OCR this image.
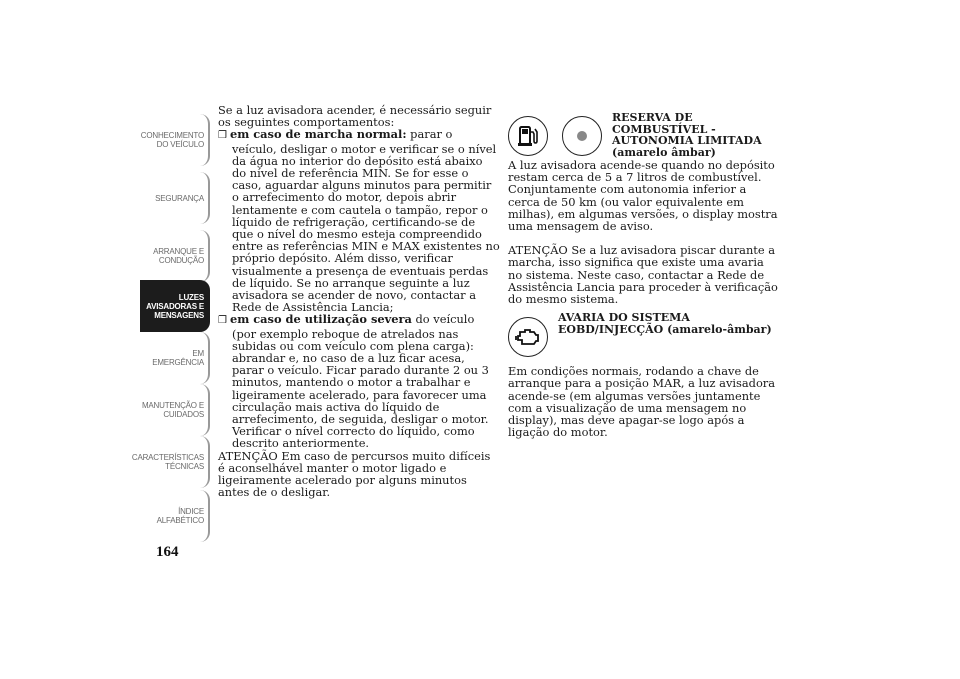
CONHECIMENTO
DO VEÍCULO
SEGURANÇA
ARRANQUE E
CONDUÇÃO
LUZES
AVISADORAS E
MENSAGENS
EM EMERGÊNCIA
MANUTENÇÃO E
CUIDADOS
CARACTERÍSTICAS
TÉCNICAS
ÍNDICE
ALFABÉTICO
164

Se a luz avisadora acender, é necessário seguir os seguintes comportamentos:

❒ em caso de marcha normal: parar o veículo, desligar o motor e verificar se o nível da água no interior do depósito está abaixo do nível de referência MIN. Se for esse o caso, aguardar alguns minutos para permitir o arrefecimento do motor, depois abrir lentamente e com cautela o tampão, repor o líquido de refrigeração, certificando-se de que o nível do mesmo esteja compreendido entre as referências MIN e MAX existentes no próprio depósito. Além disso, verificar visualmente a presença de eventuais perdas de líquido. Se no arranque seguinte a luz avisadora se acender de novo, contactar a Rede de Assistência Lancia;

❒ em caso de utilização severa do veículo (por exemplo reboque de atrelados nas subidas ou com veículo com plena carga): abrandar e, no caso de a luz ficar acesa, parar o veículo. Ficar parado durante 2 ou 3 minutos, mantendo o motor a trabalhar e ligeiramente acelerado, para favorecer uma circulação mais activa do líquido de arrefecimento, de seguida, desligar o motor. Verificar o nível correcto do líquido, como descrito anteriormente.

ATENÇÃO Em caso de percursos muito difíceis é aconselhável manter o motor ligado e ligeiramente acelerado por alguns minutos antes de o desligar.

RESERVA DE COMBUSTÍVEL - AUTONOMIA LIMITADA (amarelo âmbar)

A luz avisadora acende-se quando no depósito restam cerca de 5 a 7 litros de combustível. Conjuntamente com autonomia inferior a cerca de 50 km (ou valor equivalente em milhas), em algumas versões, o display mostra uma mensagem de aviso.

ATENÇÃO Se a luz avisadora piscar durante a marcha, isso significa que existe uma avaria no sistema. Neste caso, contactar a Rede de Assistência Lancia para proceder à verificação do mesmo sistema.

AVARIA DO SISTEMA EOBD/INJECÇÃO (amarelo-âmbar)

Em condições normais, rodando a chave de arranque para a posição MAR, a luz avisadora acende-se (em algumas versões juntamente com a visualização de uma mensagem no display), mas deve apagar-se logo após a ligação do motor.
